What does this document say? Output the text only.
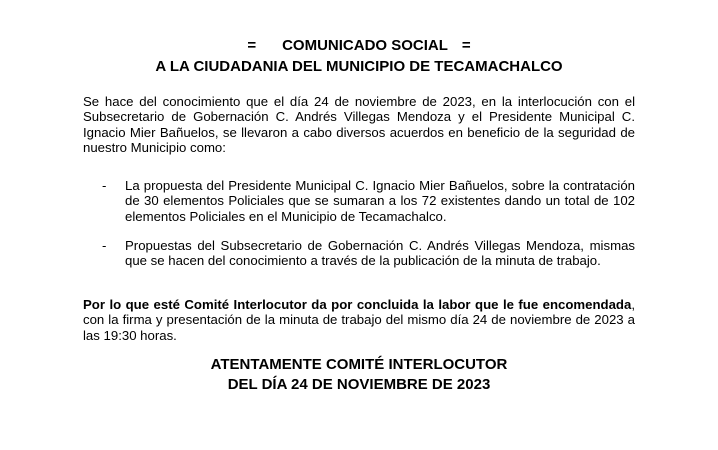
= COMUNICADO SOCIAL =
A LA CIUDADANIA DEL MUNICIPIO DE TECAMACHALCO
Se hace del conocimiento que el día 24 de noviembre de 2023, en la interlocución con el Subsecretario de Gobernación C. Andrés Villegas Mendoza y el Presidente Municipal C. Ignacio Mier Bañuelos, se llevaron a cabo diversos acuerdos en beneficio de la seguridad de nuestro Municipio como:
- La propuesta del Presidente Municipal C. Ignacio Mier Bañuelos, sobre la contratación de 30 elementos Policiales que se sumaran a los 72 existentes dando un total de 102 elementos Policiales en el Municipio de Tecamachalco.
- Propuestas del Subsecretario de Gobernación C. Andrés Villegas Mendoza, mismas que se hacen del conocimiento a través de la publicación de la minuta de trabajo.
Por lo que esté Comité Interlocutor da por concluida la labor que le fue encomendada, con la firma y presentación de la minuta de trabajo del mismo día 24 de noviembre de 2023 a las 19:30 horas.
ATENTAMENTE COMITÉ INTERLOCUTOR
DEL DÍA 24 DE NOVIEMBRE DE 2023
